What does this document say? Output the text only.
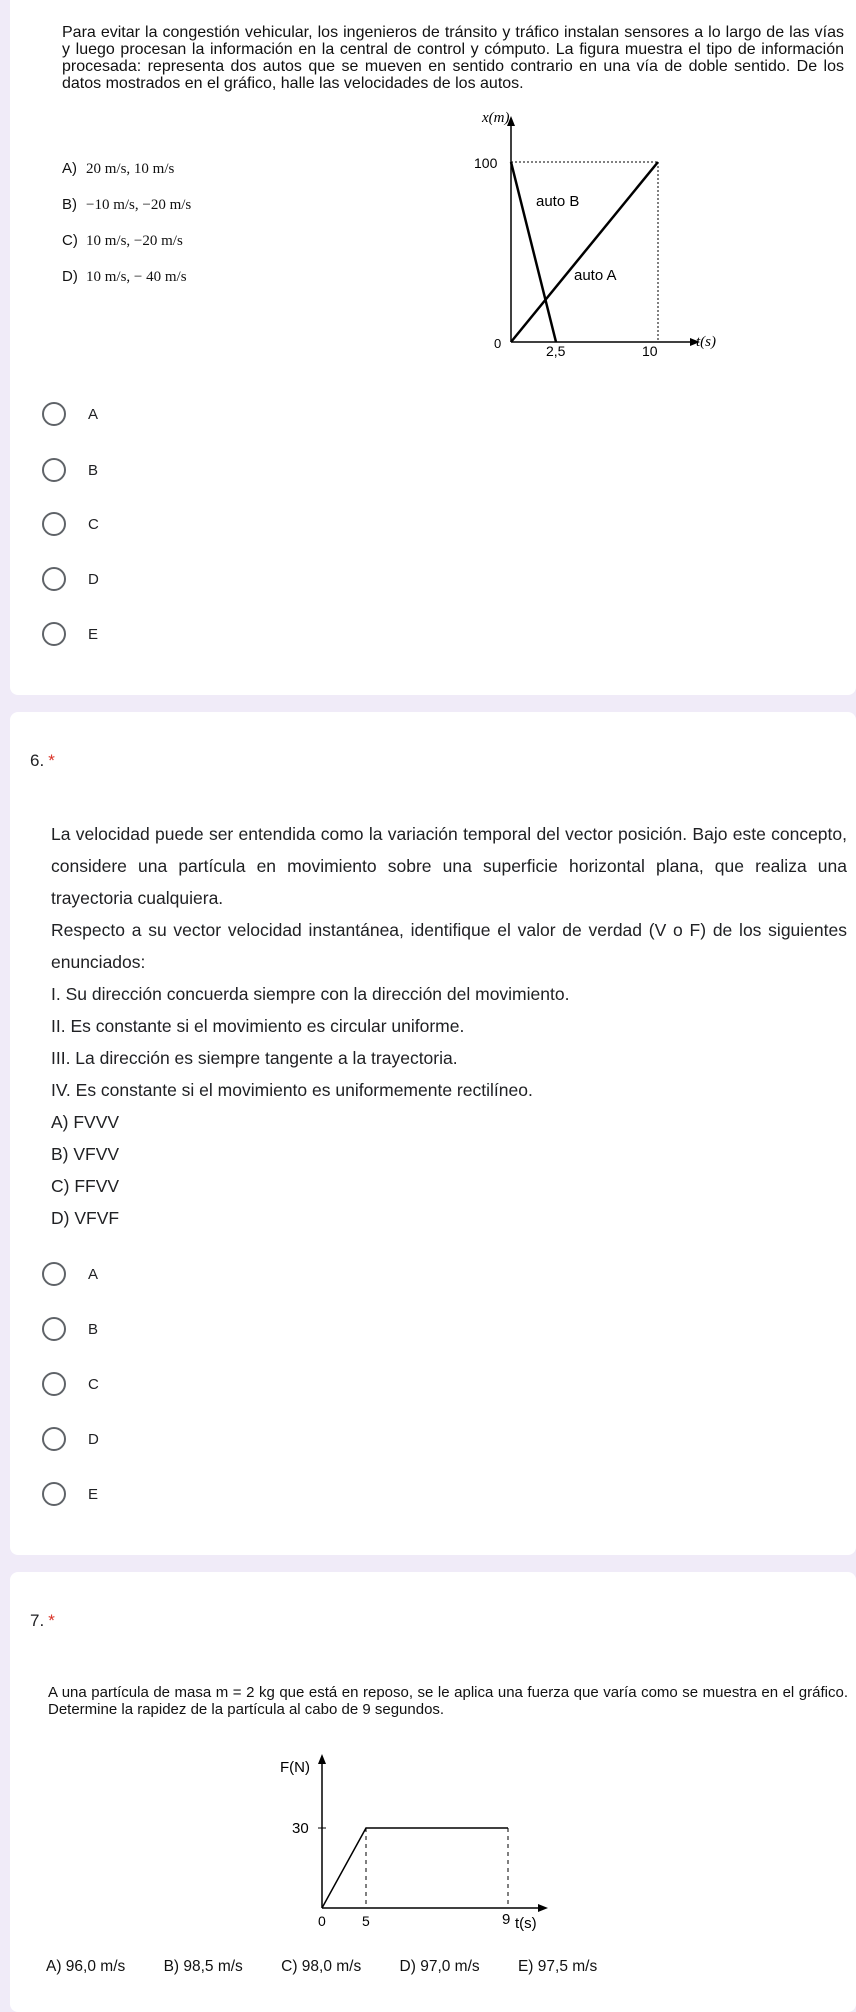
Para evitar la congestión vehicular, los ingenieros de tránsito y tráfico instalan sensores a lo largo de las vías y luego procesan la información en la central de control y cómputo. La figura muestra el tipo de información procesada: representa dos autos que se mueven en sentido contrario en una vía de doble sentido. De los datos mostrados en el gráfico, halle las velocidades de los autos.
A) 20 m/s, 10 m/s
B) −10 m/s, −20 m/s
C) 10 m/s, −20 m/s
D) 10 m/s, − 40 m/s
x(m)
t(s)
100
0	2,5	10
auto B
auto A
A
B
C
D
E
6. *

La velocidad puede ser entendida como la variación temporal del vector posición. Bajo este concepto, considere una partícula en movimiento sobre una superficie horizontal plana, que realiza una trayectoria cualquiera.

Respecto a su vector velocidad instantánea, identifique el valor de verdad (V o F) de los siguientes enunciados:

I. Su dirección concuerda siempre con la dirección del movimiento.

II. Es constante si el movimiento es circular uniforme.

III. La dirección es siempre tangente a la trayectoria.

IV. Es constante si el movimiento es uniformemente rectilíneo.

A) FVVV

B) VFVV

C) FFVV

D) VFVF

A
B
C
D
E
7. *
A una partícula de masa m = 2 kg que está en reposo, se le aplica una fuerza que varía como se muestra en el gráfico. Determine la rapidez de la partícula al cabo de 9 segundos.
F(N)
30
0	5	9 t(s)
A) 96,0 m/s B) 98,5 m/s C) 98,0 m/s D) 97,0 m/s E) 97,5 m/s
